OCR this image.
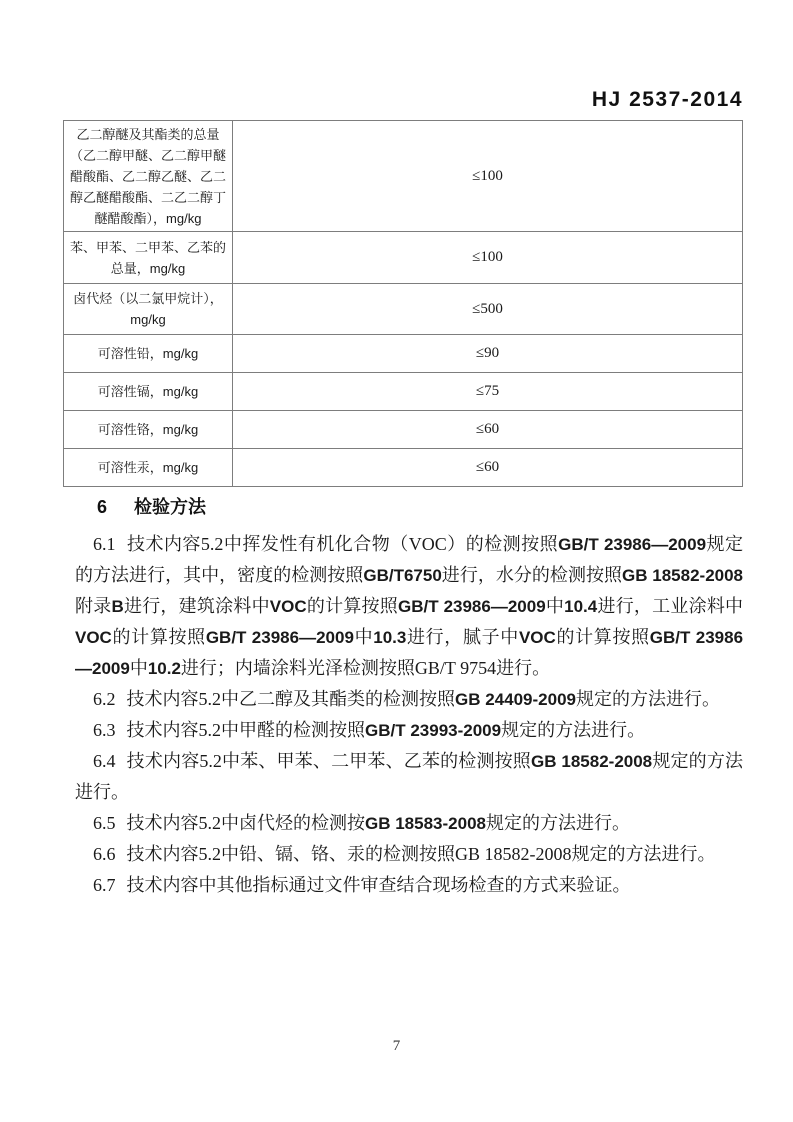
HJ 2537-2014
乙二醇醚及其酯类的总量（乙二醇甲醚、乙二醇甲醚醋酸酯、乙二醇乙醚、乙二醇乙醚醋酸酯、二乙二醇丁醚醋酸酯），mg/kg	≤100
苯、甲苯、二甲苯、乙苯的总量，mg/kg	≤100
卤代烃（以二氯甲烷计），mg/kg	≤500
可溶性铅，mg/kg	≤90
可溶性镉，mg/kg	≤75
可溶性铬，mg/kg	≤60
可溶性汞，mg/kg	≤60
6 检验方法
6.1 技术内容5.2中挥发性有机化合物（VOC）的检测按照GB/T 23986—2009规定的方法进行，其中，密度的检测按照GB/T6750进行，水分的检测按照GB 18582-2008 附录B进行，建筑涂料中VOC的计算按照GB/T 23986—2009中10.4进行，工业涂料中VOC的计算按照GB/T 23986—2009中10.3进行，腻子中VOC的计算按照GB/T 23986—2009中10.2进行；内墙涂料光泽检测按照GB/T 9754进行。
6.2 技术内容5.2中乙二醇及其酯类的检测按照GB 24409-2009规定的方法进行。
6.3 技术内容5.2中甲醛的检测按照GB/T 23993-2009规定的方法进行。
6.4 技术内容5.2中苯、甲苯、二甲苯、乙苯的检测按照GB 18582-2008规定的方法进行。
6.5 技术内容5.2中卤代烃的检测按GB 18583-2008规定的方法进行。
6.6 技术内容5.2中铅、镉、铬、汞的检测按照GB 18582-2008规定的方法进行。
6.7 技术内容中其他指标通过文件审查结合现场检查的方式来验证。
7
